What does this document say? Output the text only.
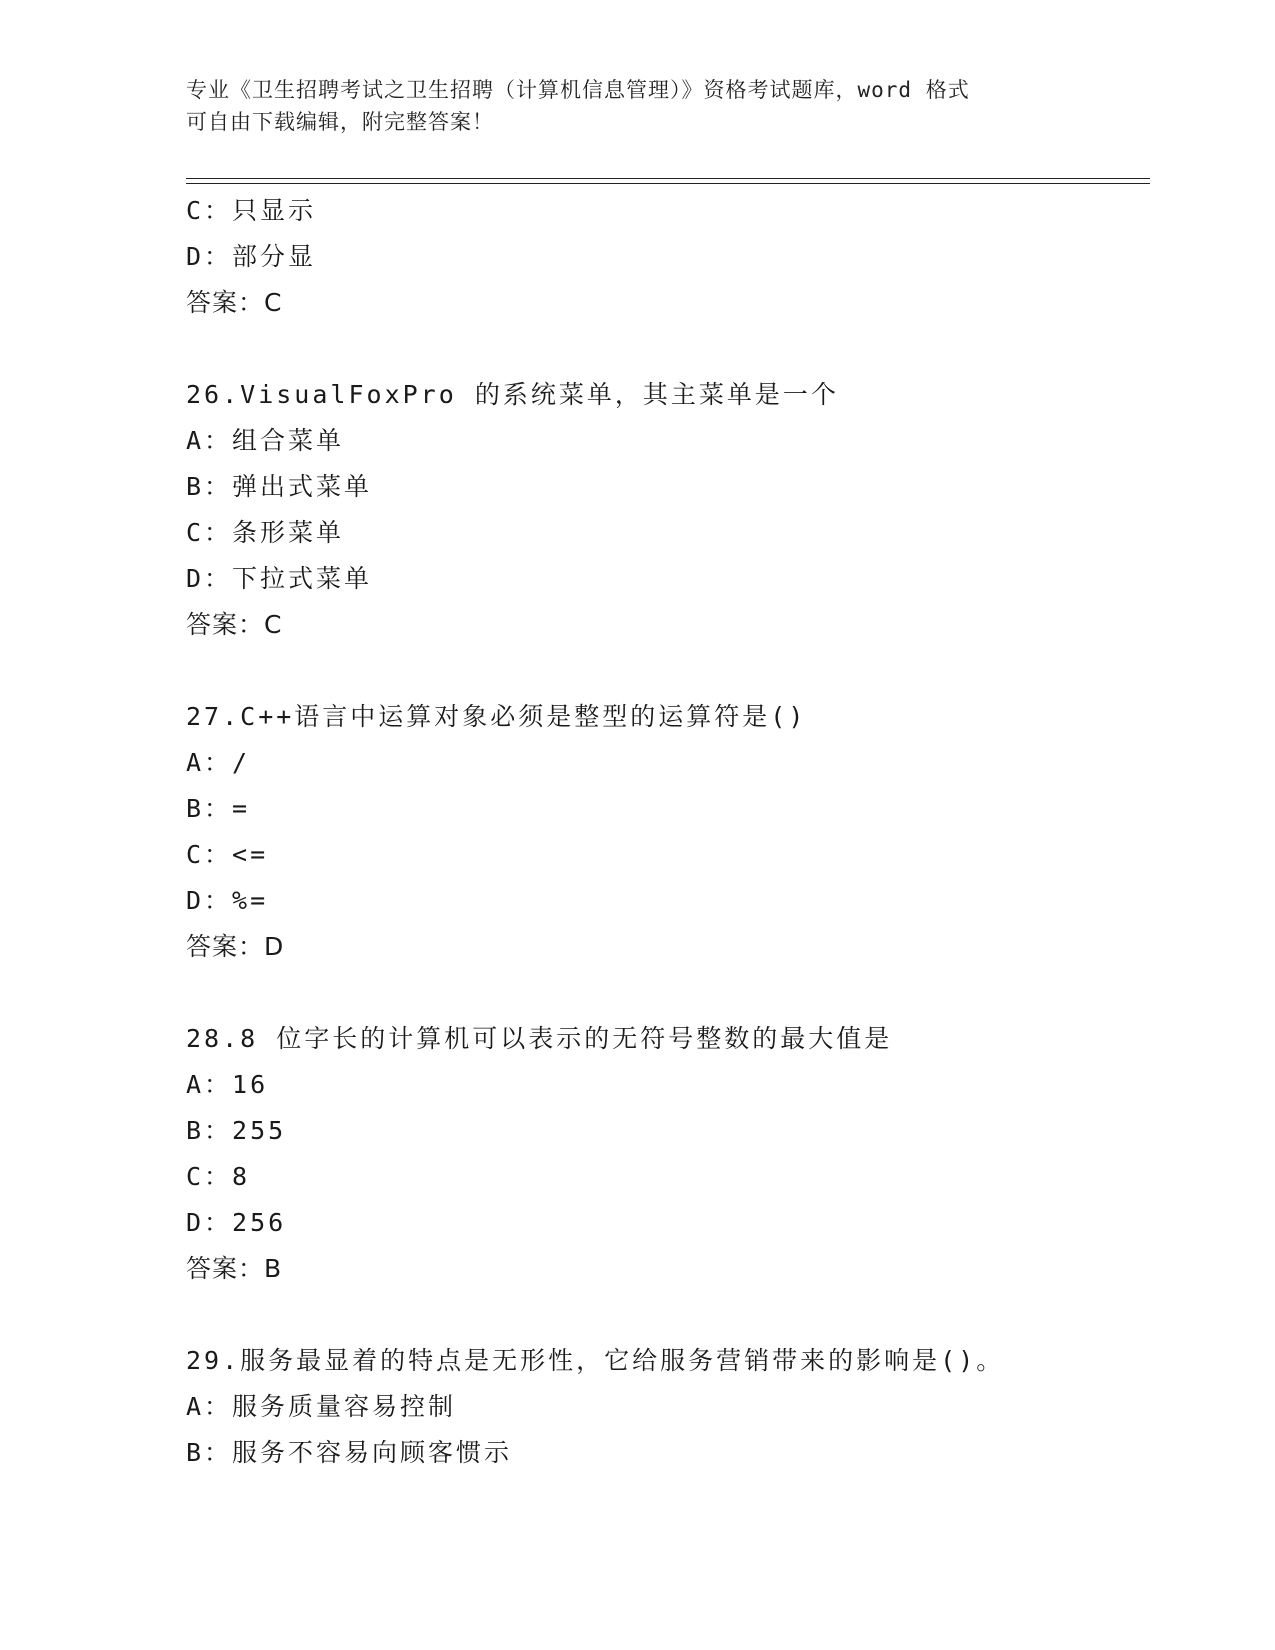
专业《卫生招聘考试之卫生招聘（计算机信息管理）》资格考试题库，word 格式
可自由下载编辑，附完整答案！
C：只显示
D：部分显
答案：C
26.VisualFoxPro 的系统菜单，其主菜单是一个
A：组合菜单
B：弹出式菜单
C：条形菜单
D：下拉式菜单
答案：C
27.C++语言中运算对象必须是整型的运算符是()
A：/
B：=
C：<=
D：%=
答案：D
28.8 位字长的计算机可以表示的无符号整数的最大值是
A：16
B：255
C：8
D：256
答案：B
29.服务最显着的特点是无形性，它给服务营销带来的影响是()。
A：服务质量容易控制
B：服务不容易向顾客惯示
